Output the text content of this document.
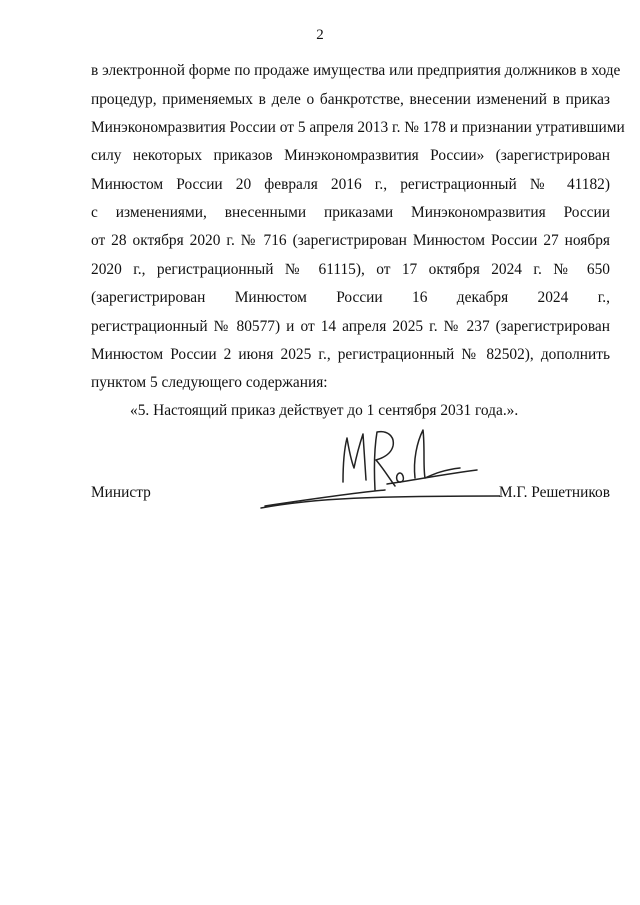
2
в электронной форме по продаже имущества или предприятия должников в ходе
процедур, применяемых в деле о банкротстве, внесении изменений в приказ
Минэкономразвития России от 5 апреля 2013 г. № 178 и признании утратившими
силу некоторых приказов Минэкономразвития России» (зарегистрирован
Минюстом России 20 февраля 2016 г., регистрационный № 41182)
с изменениями, внесенными приказами Минэкономразвития России
от 28 октября 2020 г. № 716 (зарегистрирован Минюстом России 27 ноября
2020 г., регистрационный № 61115), от 17 октября 2024 г. № 650
(зарегистрирован Минюстом России 16 декабря 2024 г.,
регистрационный № 80577) и от 14 апреля 2025 г. № 237 (зарегистрирован
Минюстом России 2 июня 2025 г., регистрационный № 82502), дополнить
пунктом 5 следующего содержания:
«5. Настоящий приказ действует до 1 сентября 2031 года.».
Министр	М.Г. Решетников
